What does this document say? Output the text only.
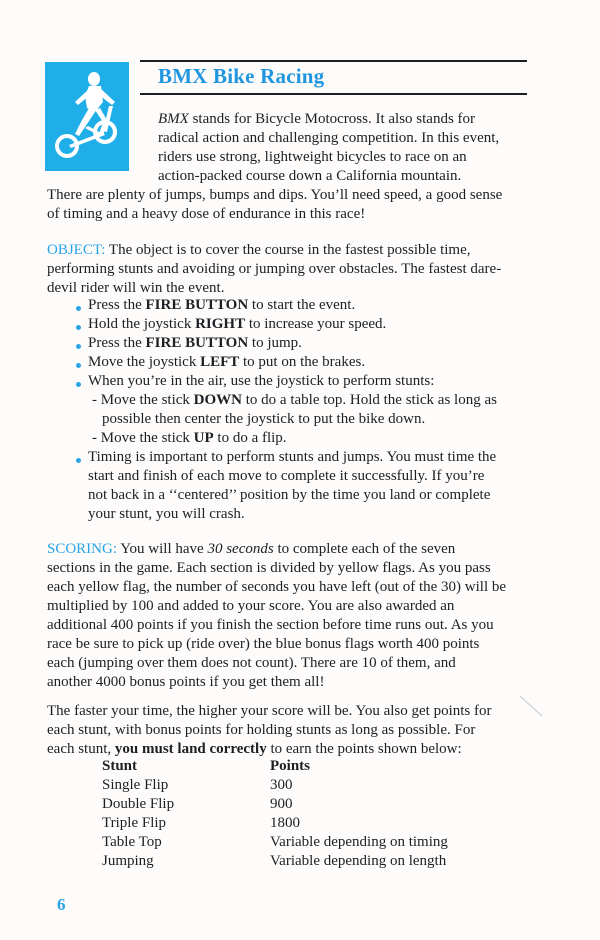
BMX Bike Racing
BMX stands for Bicycle Motocross. It also stands for
radical action and challenging competition. In this event,
riders use strong, lightweight bicycles to race on an
action-packed course down a California mountain.
There are plenty of jumps, bumps and dips. You’ll need speed, a good sense
of timing and a heavy dose of endurance in this race!
OBJECT: The object is to cover the course in the fastest possible time,
performing stunts and avoiding or jumping over obstacles. The fastest dare-
devil rider will win the event.
Press the FIRE BUTTON to start the event.
Hold the joystick RIGHT to increase your speed.
Press the FIRE BUTTON to jump.
Move the joystick LEFT to put on the brakes.
When you’re in the air, use the joystick to perform stunts:
- Move the stick DOWN to do a table top. Hold the stick as long as
possible then center the joystick to put the bike down.
- Move the stick UP to do a flip.
Timing is important to perform stunts and jumps. You must time the
start and finish of each move to complete it successfully. If you’re
not back in a ‘‘centered’’ position by the time you land or complete
your stunt, you will crash.
SCORING: You will have 30 seconds to complete each of the seven
sections in the game. Each section is divided by yellow flags. As you pass
each yellow flag, the number of seconds you have left (out of the 30) will be
multiplied by 100 and added to your score. You are also awarded an
additional 400 points if you finish the section before time runs out. As you
race be sure to pick up (ride over) the blue bonus flags worth 400 points
each (jumping over them does not count). There are 10 of them, and
another 4000 bonus points if you get them all!
The faster your time, the higher your score will be. You also get points for
each stunt, with bonus points for holding stunts as long as possible. For
each stunt, you must land correctly to earn the points shown below:
Stunt	Points
Single Flip	300
Double Flip	900
Triple Flip	1800
Table Top	Variable depending on timing
Jumping	Variable depending on length
6
